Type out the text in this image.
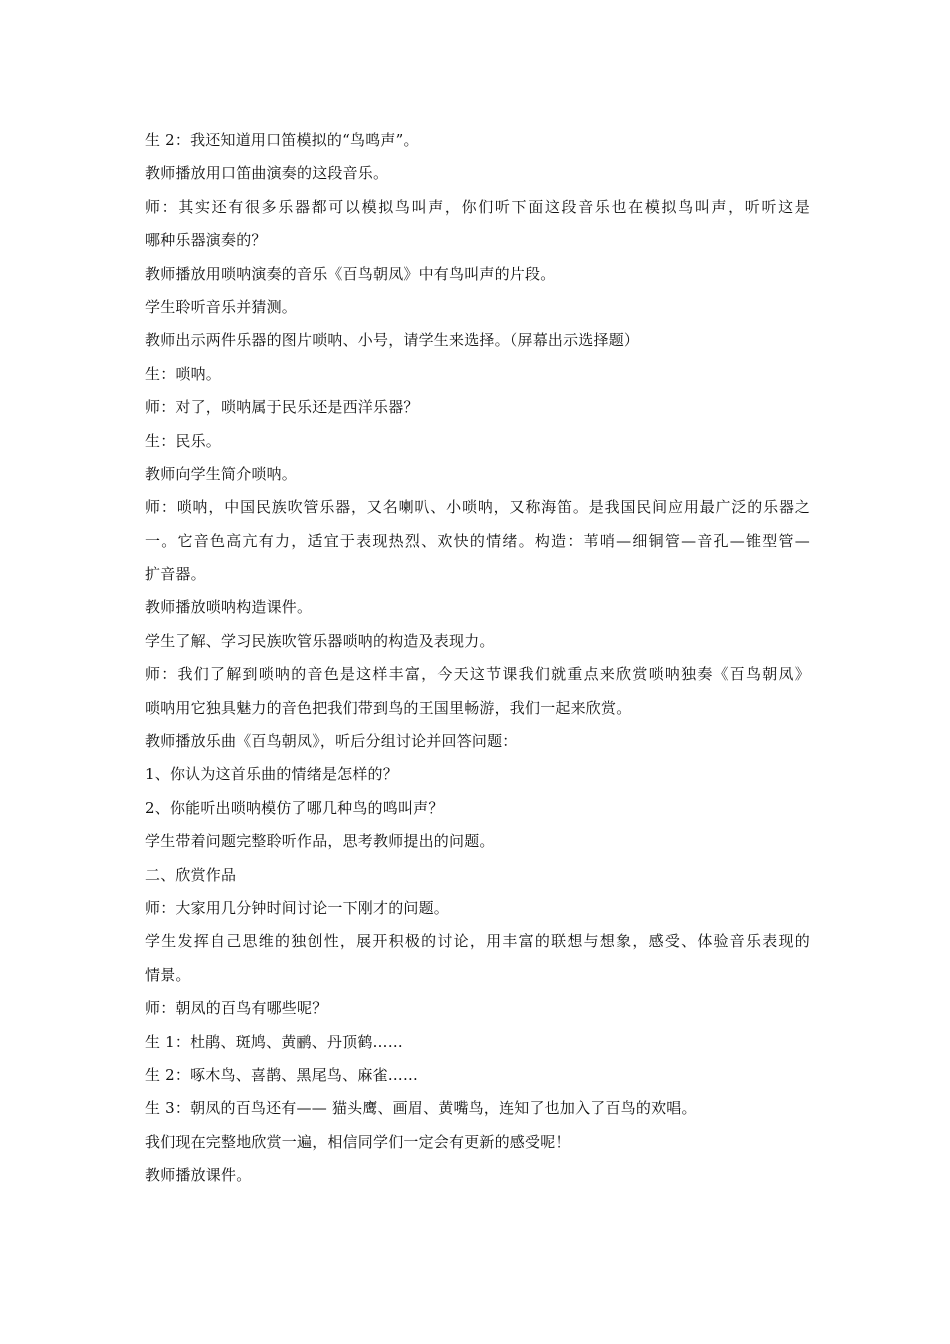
生 2：我还知道用口笛模拟的“鸟鸣声”。
教师播放用口笛曲演奏的这段音乐。
师：其实还有很多乐器都可以模拟鸟叫声，你们听下面这段音乐也在模拟鸟叫声，听听这是
哪种乐器演奏的？
教师播放用唢呐演奏的音乐《百鸟朝凤》中有鸟叫声的片段。
学生聆听音乐并猜测。
教师出示两件乐器的图片唢呐、小号，请学生来选择。（屏幕出示选择题）
生：唢呐。
师：对了，唢呐属于民乐还是西洋乐器？
生：民乐。
教师向学生简介唢呐。
师：唢呐，中国民族吹管乐器，又名喇叭、小唢呐，又称海笛。是我国民间应用最广泛的乐器之
一。它音色高亢有力，适宜于表现热烈、欢快的情绪。构造：苇哨—细铜管—音孔—锥型管—
扩音器。
教师播放唢呐构造课件。
学生了解、学习民族吹管乐器唢呐的构造及表现力。
师：我们了解到唢呐的音色是这样丰富，今天这节课我们就重点来欣赏唢呐独奏《百鸟朝凤》
唢呐用它独具魅力的音色把我们带到鸟的王国里畅游，我们一起来欣赏。
教师播放乐曲《百鸟朝凤》，听后分组讨论并回答问题：
1、你认为这首乐曲的情绪是怎样的？
2、你能听出唢呐模仿了哪几种鸟的鸣叫声？
学生带着问题完整聆听作品，思考教师提出的问题。
二、欣赏作品
师：大家用几分钟时间讨论一下刚才的问题。
学生发挥自己思维的独创性，展开积极的讨论，用丰富的联想与想象，感受、体验音乐表现的
情景。
师：朝凤的百鸟有哪些呢？
生 1：杜鹃、斑鸠、黄鹂、丹顶鹤……
生 2：啄木鸟、喜鹊、黑尾鸟、麻雀……
生 3：朝凤的百鸟还有—— 猫头鹰、画眉、黄嘴鸟，连知了也加入了百鸟的欢唱。
我们现在完整地欣赏一遍，相信同学们一定会有更新的感受呢！
教师播放课件。
